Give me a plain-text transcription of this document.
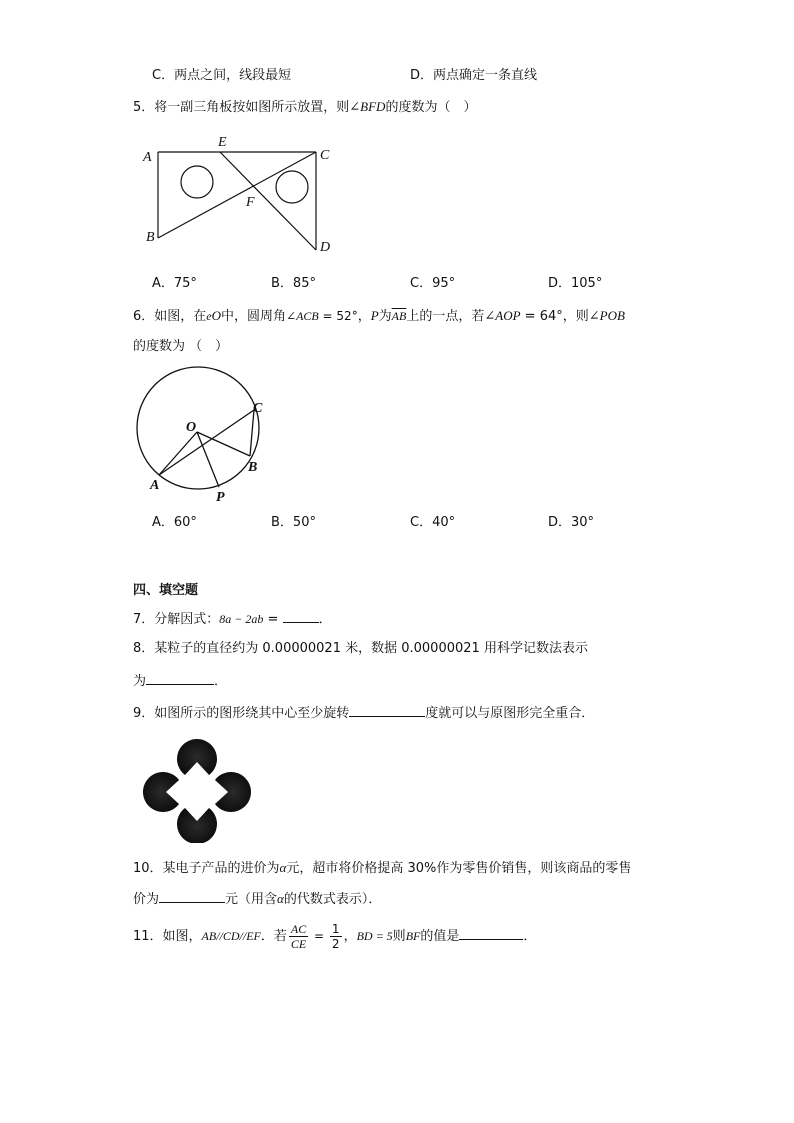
C．两点之间，线段最短	D．两点确定一条直线
5．将一副三角板按如图所示放置，则∠BFD的度数为（　）
A
B
C
D
E
F
A．75°	B．85°	C．95°	D．105°
6．如图，在eO中，圆周角∠ACB = 52°，P为$\overline{AB}$上的一点，若∠AOP = 64°，则∠POB
的度数为 （　）
O
C
A
B
P
A．60°	B．50°	C．40°	D．30°
四、填空题
7．分解因式：8a − 2ab =	．
8．某粒子的直径约为 0.00000021 米，数据 0.00000021 用科学记数法表示
为	．
9．如图所示的图形绕其中心至少旋转	度就可以与原图形完全重合．
10．某电子产品的进价为α元，超市将价格提高 30%作为零售价销售，则该商品的零售
价为	元（用含α的代数式表示）．
11．如图，AB//CD//EF．若 $\frac{AC}{CE} = \frac{1}{2}$ ，BD = 5则BF的值是	．
